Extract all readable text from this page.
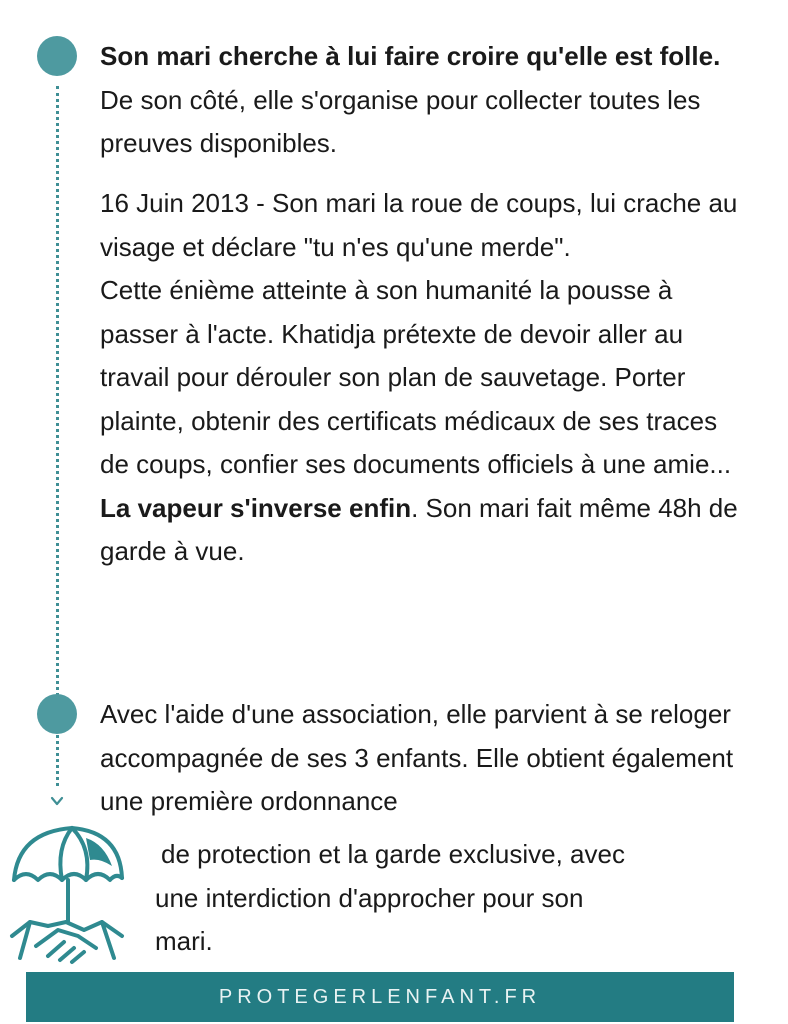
Son mari cherche à lui faire croire qu'elle est folle. De son côté, elle s'organise pour collecter toutes les preuves disponibles.

16 Juin 2013 - Son mari la roue de coups, lui crache au visage et déclare "tu n'es qu'une merde".
Cette énième atteinte à son humanité la pousse à passer à l'acte. Khatidja prétexte de devoir aller au travail pour dérouler son plan de sauvetage. Porter plainte, obtenir des certificats médicaux de ses traces de coups, confier ses documents officiels à une amie...
La vapeur s'inverse enfin. Son mari fait même 48h de garde à vue.

Avec l'aide d'une association, elle parvient à se reloger accompagnée de ses 3 enfants. Elle obtient également une première ordonnance

de protection et la garde exclusive, avec
une interdiction d'approcher pour son
mari.
PROTEGERLENFANT.FR
